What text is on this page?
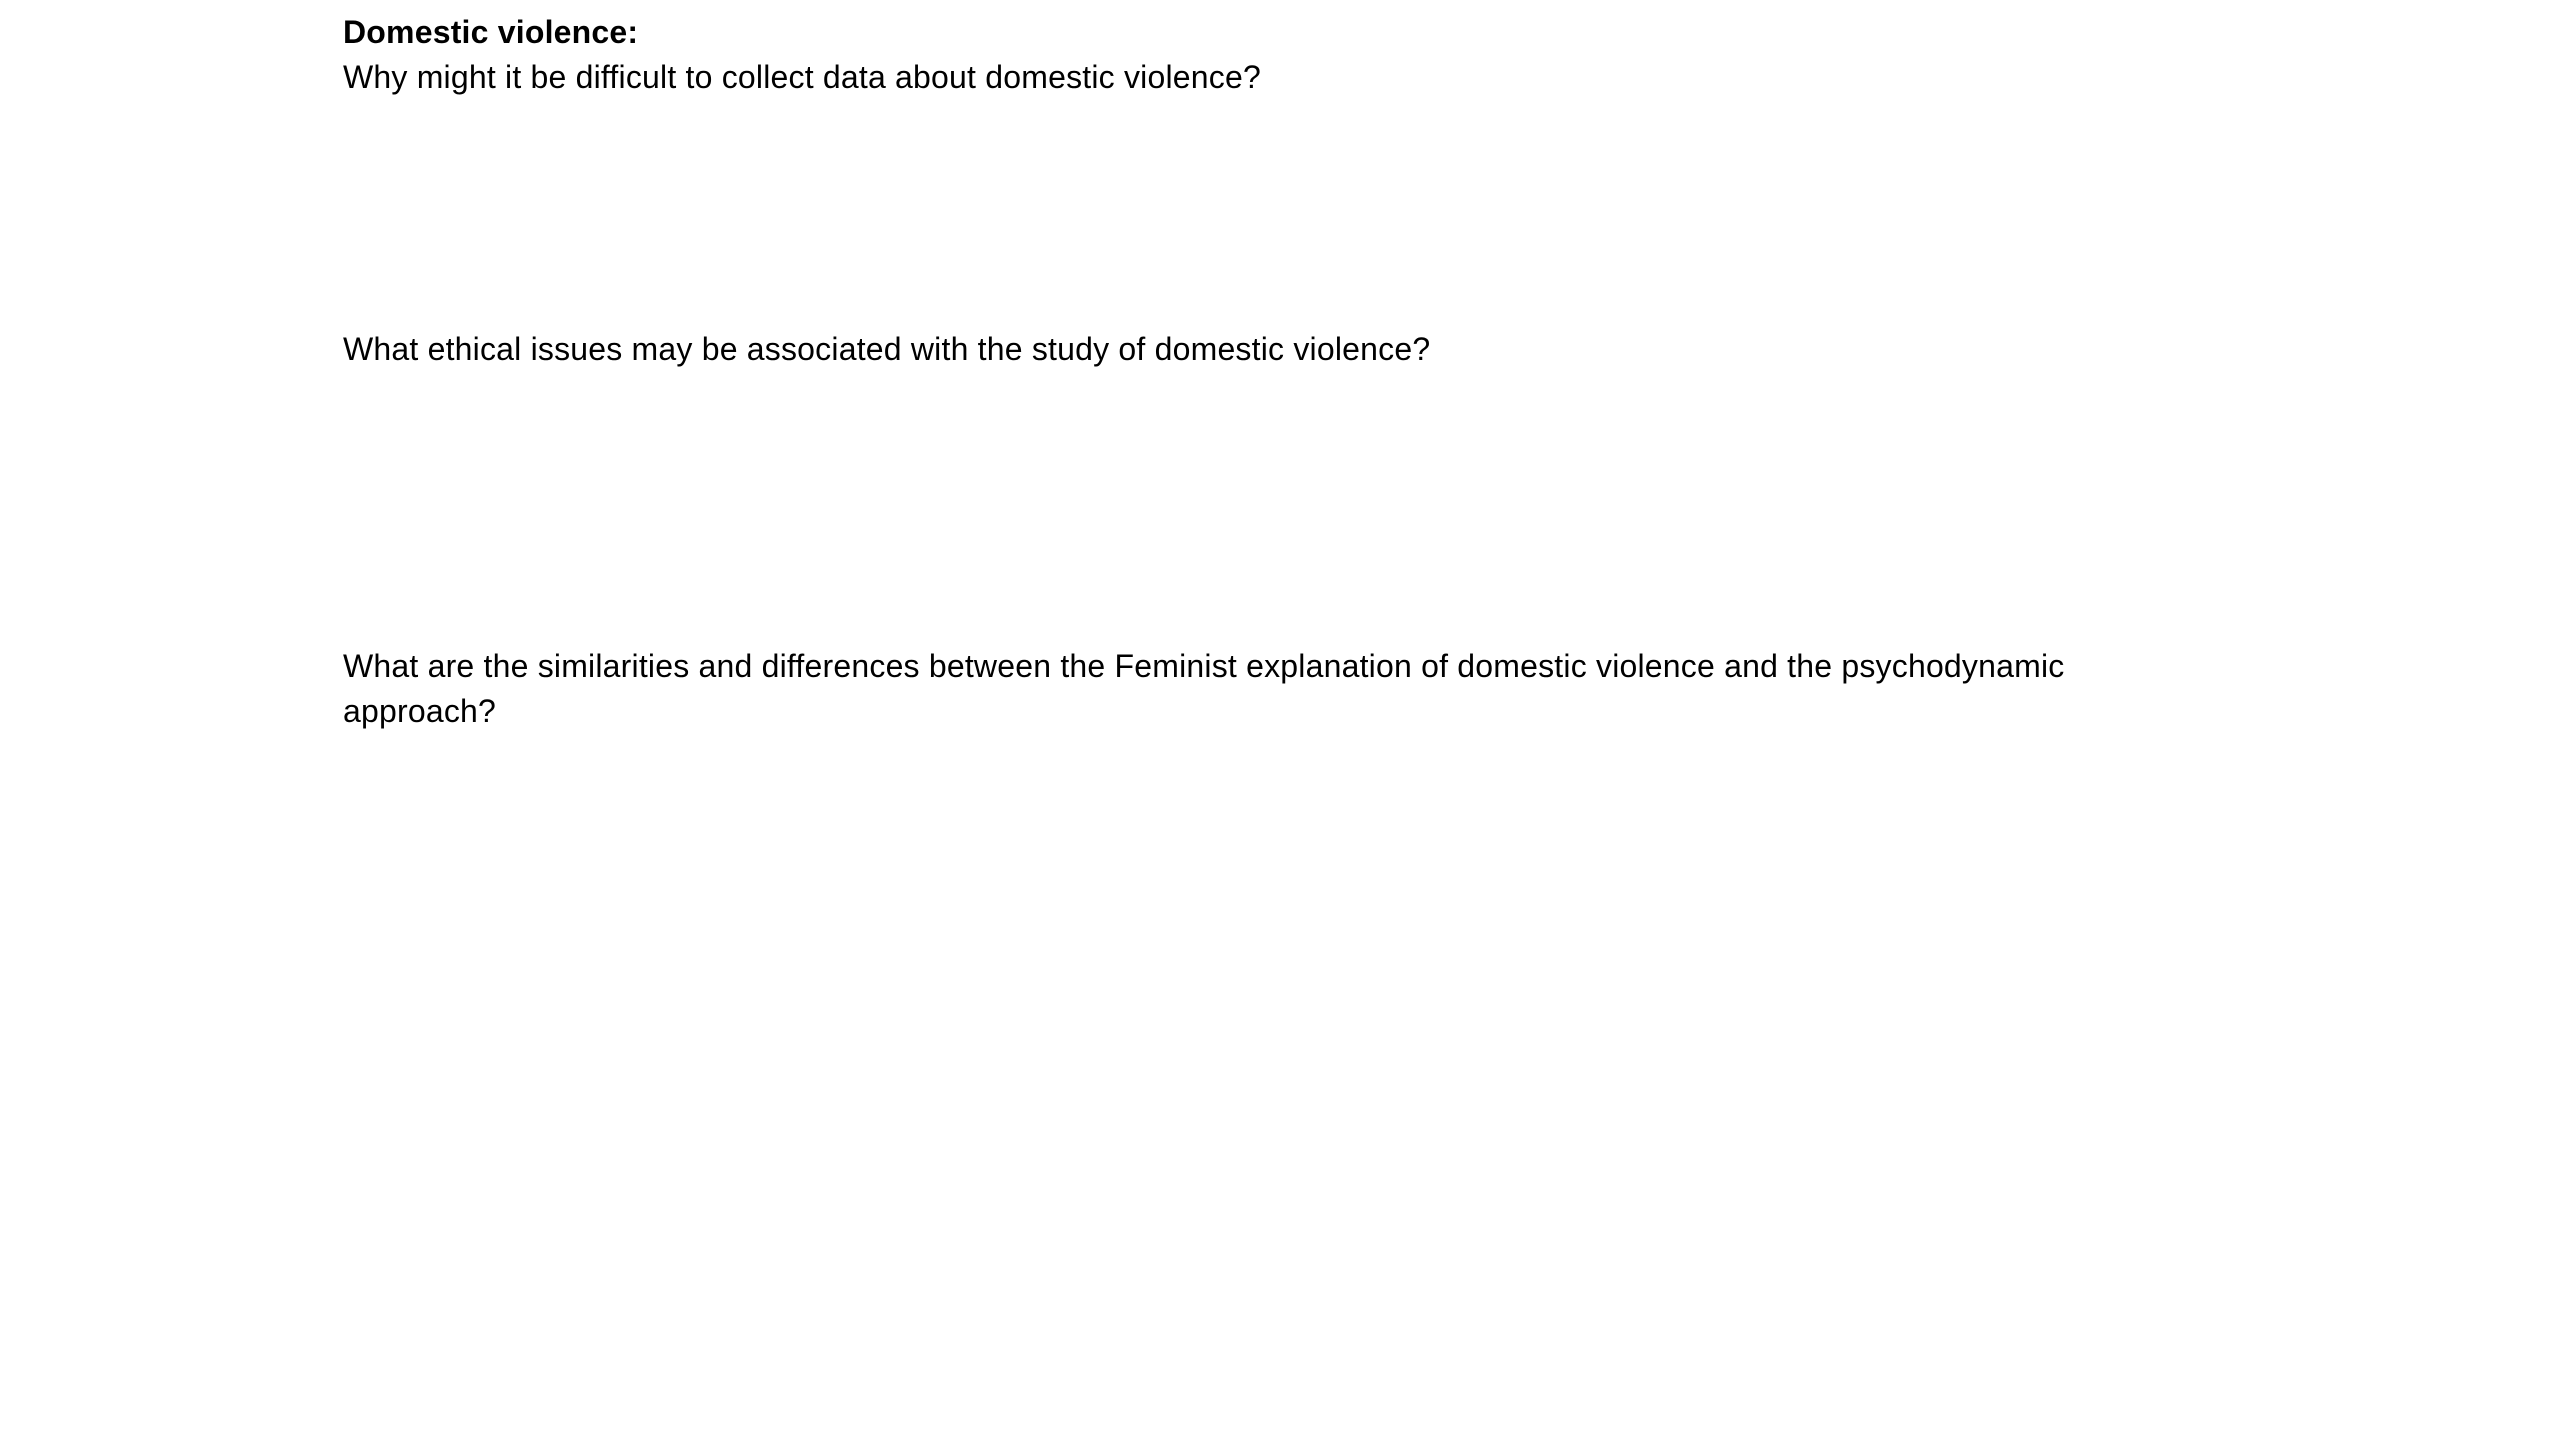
Domestic violence:
Why might it be difficult to collect data about domestic violence?
What ethical issues may be associated with the study of domestic violence?
What are the similarities and differences between the Feminist explanation of domestic violence and the psychodynamic approach?
